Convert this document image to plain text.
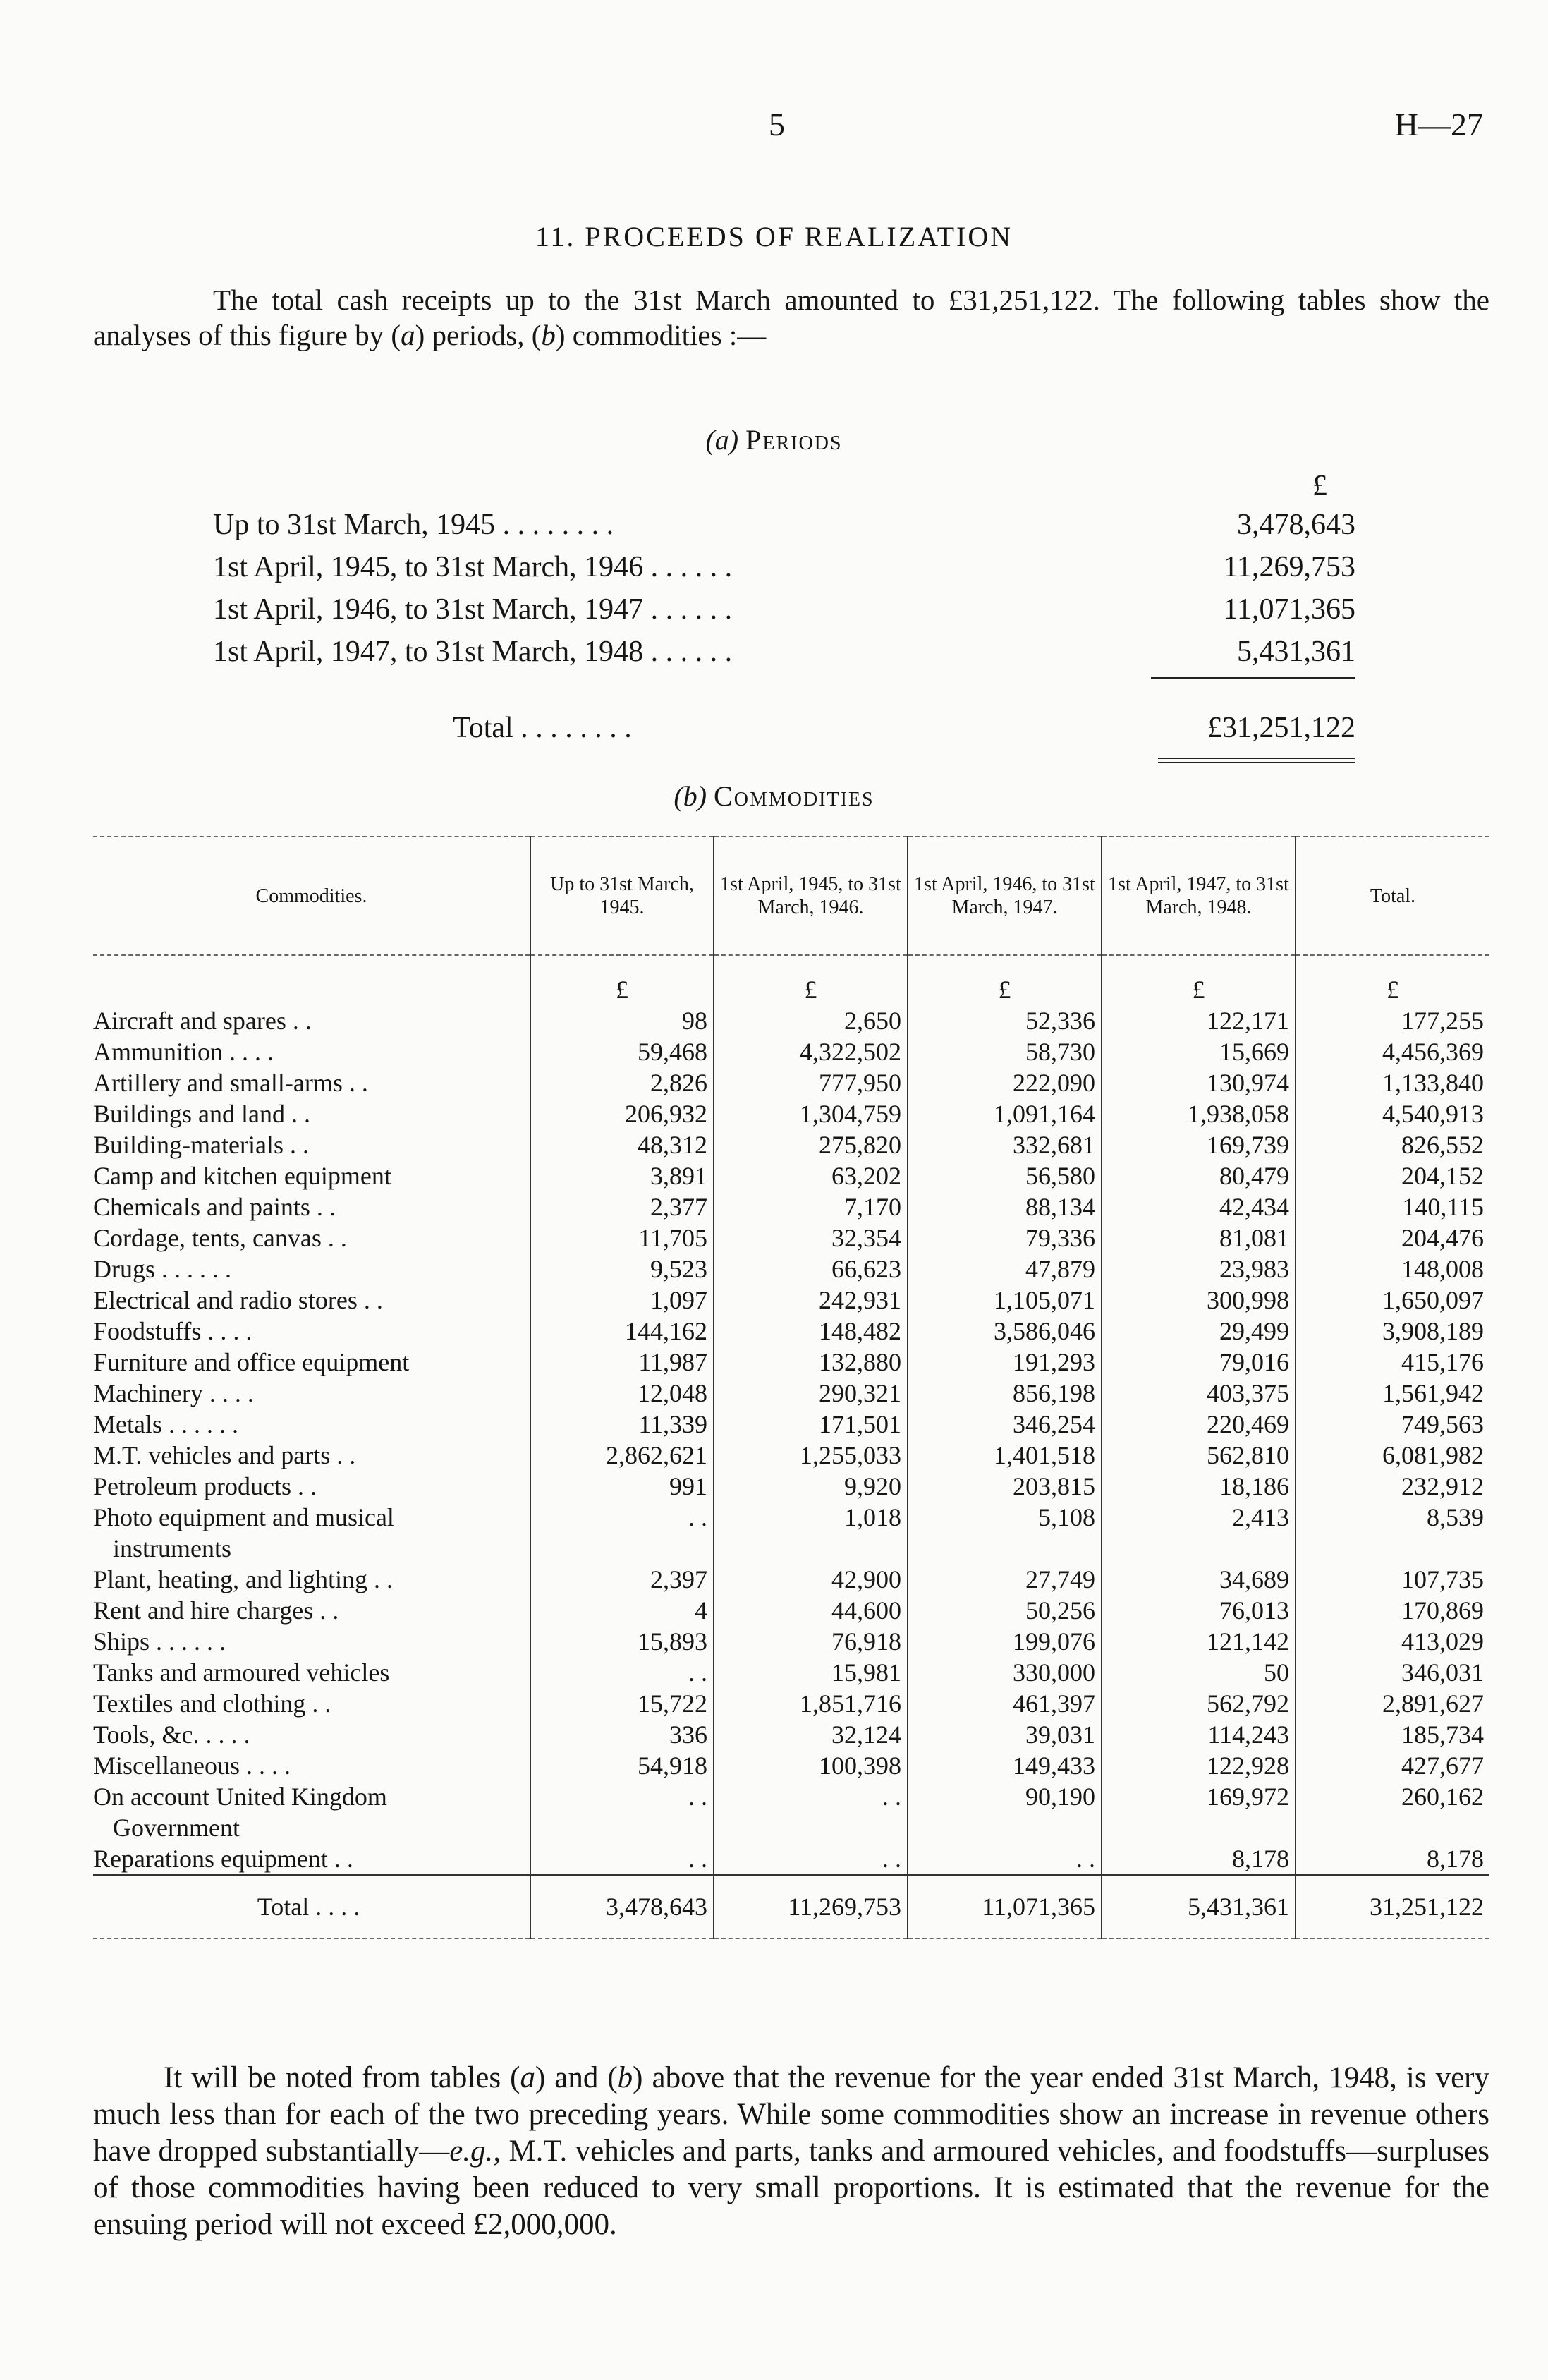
5	H—27
11. PROCEEDS OF REALIZATION

The total cash receipts up to the 31st March amounted to £31,251,122. The following tables show the analyses of this figure by (a) periods, (b) commodities :—

(a) Periods
£
Up to 31st March, 1945 . . . . . . . .	3,478,643
1st April, 1945, to 31st March, 1946 . . . . . .	11,269,753
1st April, 1946, to 31st March, 1947 . . . . . .	11,071,365
1st April, 1947, to 31st March, 1948 . . . . . .	5,431,361
Total . . . . . . . .	£31,251,122
(b) Commodities
Commodities.	Up to 31st March, 1945.	1st April, 1945, to 31st March, 1946.	1st April, 1946, to 31st March, 1947.	1st April, 1947, to 31st March, 1948.	Total.
	£	£	£	£	£

Aircraft and spares . .	98	2,650	52,336	122,171	177,255

Ammunition . . . .	59,468	4,322,502	58,730	15,669	4,456,369

Artillery and small-arms . .	2,826	777,950	222,090	130,974	1,133,840

Buildings and land . .	206,932	1,304,759	1,091,164	1,938,058	4,540,913

Building-materials . .	48,312	275,820	332,681	169,739	826,552

Camp and kitchen equipment	3,891	63,202	56,580	80,479	204,152

Chemicals and paints . .	2,377	7,170	88,134	42,434	140,115

Cordage, tents, canvas . .	11,705	32,354	79,336	81,081	204,476

Drugs . . . . . .	9,523	66,623	47,879	23,983	148,008

Electrical and radio stores . .	1,097	242,931	1,105,071	300,998	1,650,097

Foodstuffs . . . .	144,162	148,482	3,586,046	29,499	3,908,189

Furniture and office equipment	11,987	132,880	191,293	79,016	415,176

Machinery . . . .	12,048	290,321	856,198	403,375	1,561,942

Metals . . . . . .	11,339	171,501	346,254	220,469	749,563

M.T. vehicles and parts . .	2,862,621	1,255,033	1,401,518	562,810	6,081,982

Petroleum products . .	991	9,920	203,815	18,186	232,912

Photo equipment and musical
instruments	. .	1,018	5,108	2,413	8,539

Plant, heating, and lighting . .	2,397	42,900	27,749	34,689	107,735

Rent and hire charges . .	4	44,600	50,256	76,013	170,869

Ships . . . . . .	15,893	76,918	199,076	121,142	413,029

Tanks and armoured vehicles	. .	15,981	330,000	50	346,031

Textiles and clothing . .	15,722	1,851,716	461,397	562,792	2,891,627

Tools, &c. . . . .	336	32,124	39,031	114,243	185,734

Miscellaneous . . . .	54,918	100,398	149,433	122,928	427,677

On account United Kingdom
Government	. .	. .	90,190	169,972	260,162

Reparations equipment . .	. .	. .	. .	8,178	8,178
Total . . . .	3,478,643	11,269,753	11,071,365	5,431,361	31,251,122

It will be noted from tables (a) and (b) above that the revenue for the year ended 31st March, 1948, is very much less than for each of the two preceding years. While some commodities show an increase in revenue others have dropped substantially—e.g., M.T. vehicles and parts, tanks and armoured vehicles, and foodstuffs—surpluses of those commodities having been reduced to very small proportions. It is estimated that the revenue for the ensuing period will not exceed £2,000,000.
